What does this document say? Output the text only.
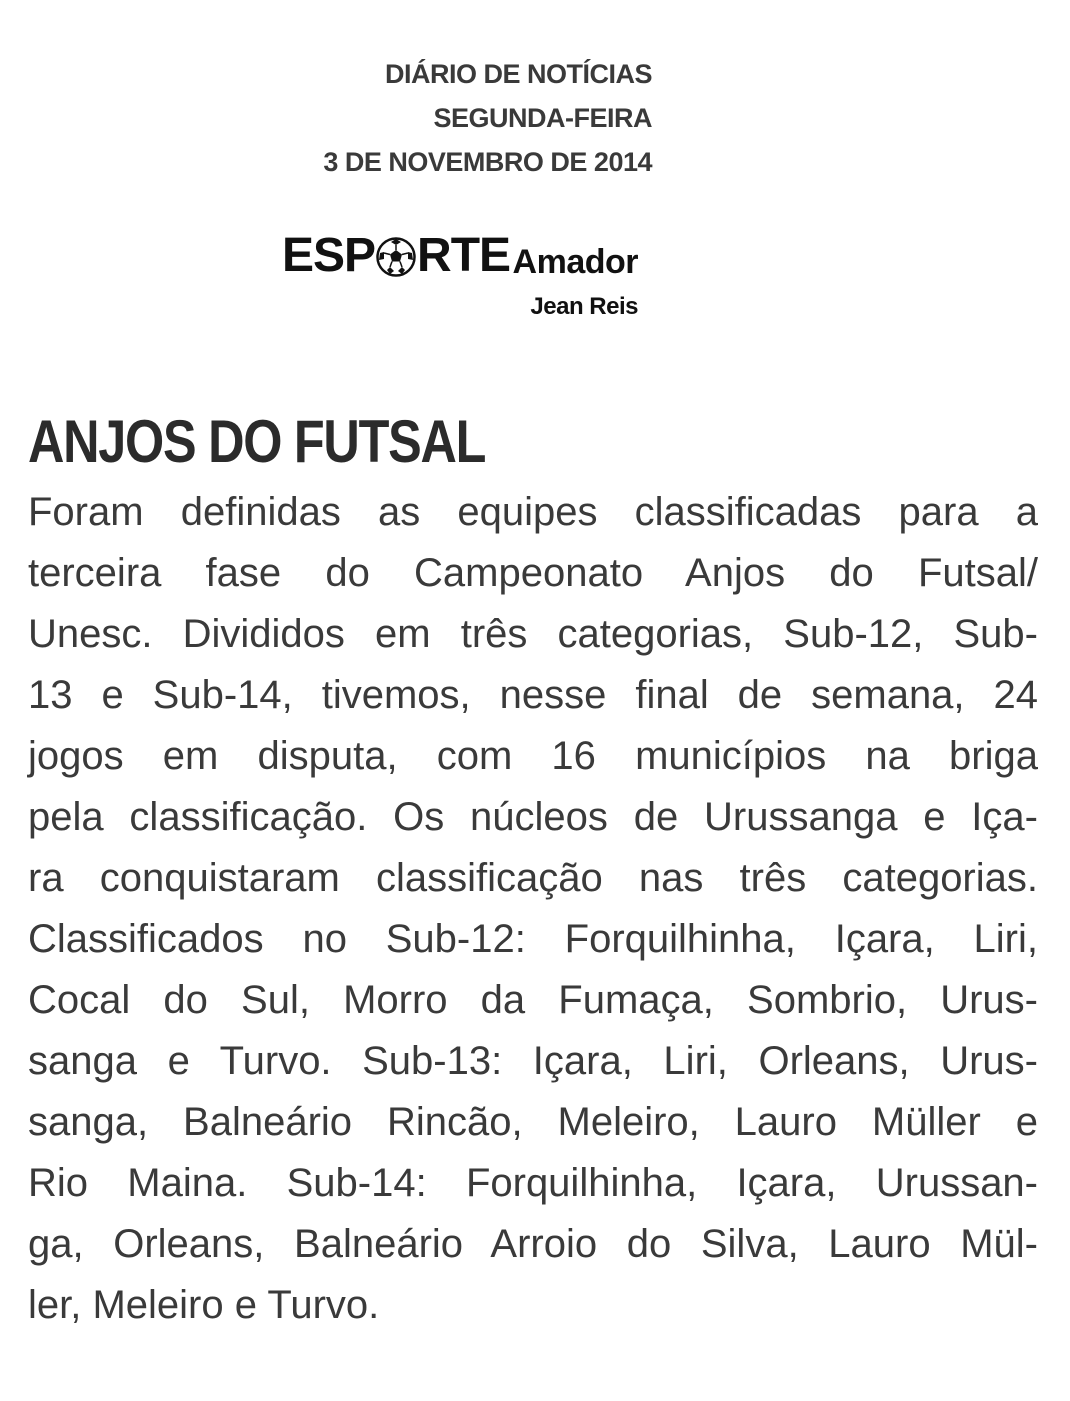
DIÁRIO DE NOTÍCIAS
SEGUNDA-FEIRA
3 DE NOVEMBRO DE 2014
ESP RTE Amador
Jean Reis
ANJOS DO FUTSAL
Foram definidas as equipes classificadas para a
terceira fase do Campeonato Anjos do Futsal/
Unesc. Divididos em três categorias, Sub-12, Sub-
13 e Sub-14, tivemos, nesse final de semana, 24
jogos em disputa, com 16 municípios na briga
pela classificação. Os núcleos de Urussanga e Iça-
ra conquistaram classificação nas três categorias.
Classificados no Sub-12: Forquilhinha, Içara, Liri,
Cocal do Sul, Morro da Fumaça, Sombrio, Urus-
sanga e Turvo. Sub-13: Içara, Liri, Orleans, Urus-
sanga, Balneário Rincão, Meleiro, Lauro Müller e
Rio Maina. Sub-14: Forquilhinha, Içara, Urussan-
ga, Orleans, Balneário Arroio do Silva, Lauro Mül-
ler, Meleiro e Turvo.
